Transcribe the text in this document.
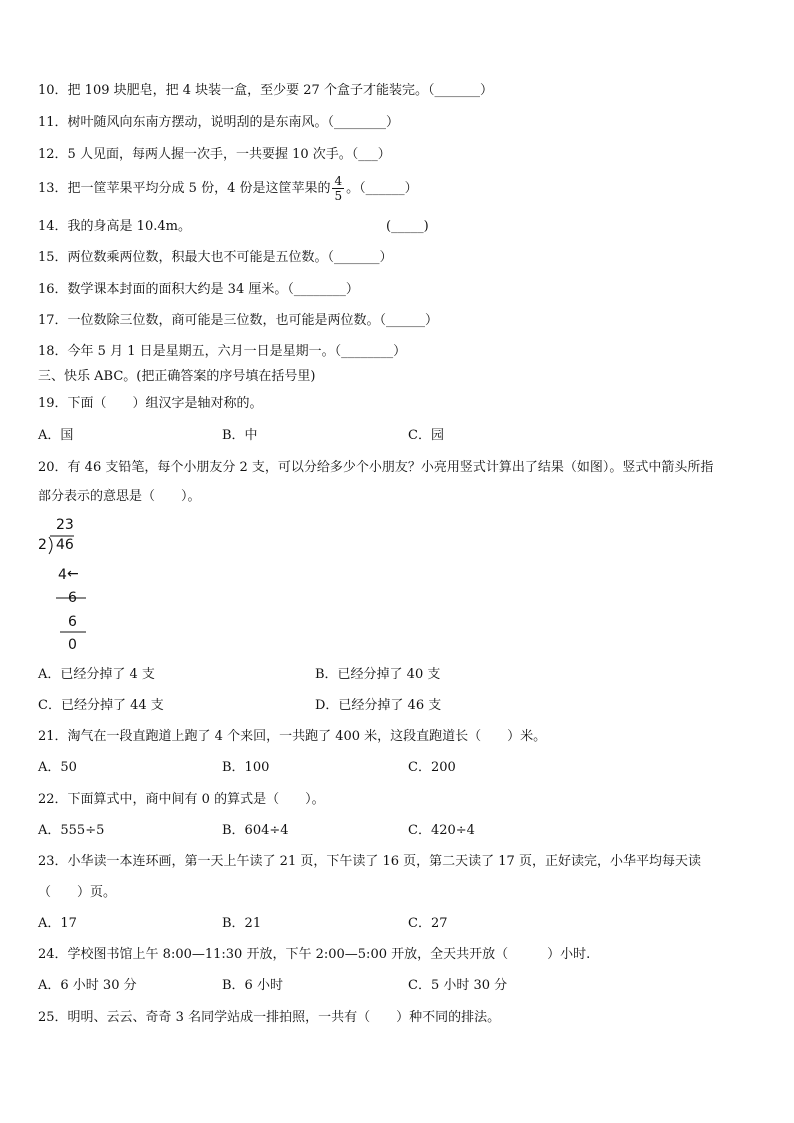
10．把 109 块肥皂，把 4 块装一盒，至少要 27 个盒子才能装完。（_______）
11．树叶随风向东南方摆动，说明刮的是东南风。（________）
12．5 人见面，每两人握一次手，一共要握 10 次手。（___）
13．把一筐苹果平均分成 5 份，4 份是这筐苹果的 $\frac{4}{5}$ 。（______）
14．我的身高是 10.4m。	(_____)
15．两位数乘两位数，积最大也不可能是五位数。（_______）
16．数学课本封面的面积大约是 34 厘米。（________）
17．一位数除三位数，商可能是三位数，也可能是两位数。（______）
18．今年 5 月 1 日是星期五，六月一日是星期一。（________）
三、快乐 ABC。(把正确答案的序号填在括号里)
19．下面（　　）组汉字是轴对称的。
A．国	B．中	C．园
20．有 46 支铅笔，每个小朋友分 2 支，可以分给多少个小朋友？小亮用竖式计算出了结果（如图）。竖式中箭头所指
部分表示的意思是（　　）。
23
2 46
4 ←
6
6
0
A．已经分掉了 4 支	B．已经分掉了 40 支
C．已经分掉了 44 支	D．已经分掉了 46 支
21．淘气在一段直跑道上跑了 4 个来回，一共跑了 400 米，这段直跑道长（　　）米。
A．50	B．100	C．200
22．下面算式中，商中间有 0 的算式是（　　）。
A．555÷5	B．604÷4	C．420÷4
23．小华读一本连环画，第一天上午读了 21 页，下午读了 16 页，第二天读了 17 页，正好读完，小华平均每天读
（　　）页。
A．17	B．21	C．27
24．学校图书馆上午 8:00—11:30 开放，下午 2:00—5:00 开放，全天共开放（　　　）小时.
A．6 小时 30 分	B．6 小时	C．5 小时 30 分
25．明明、云云、奇奇 3 名同学站成一排拍照，一共有（　　）种不同的排法。
